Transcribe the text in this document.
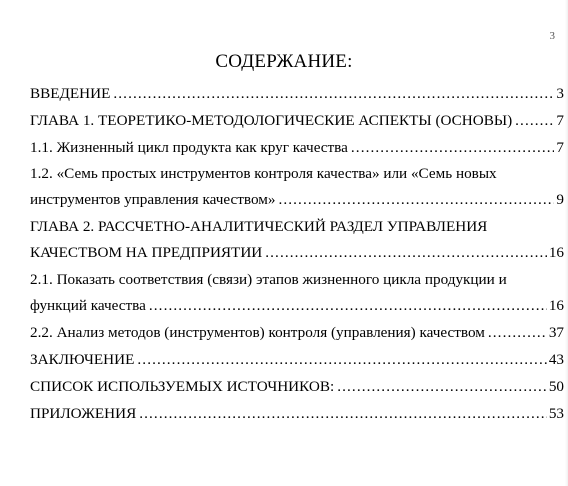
3
СОДЕРЖАНИЕ:
ВВЕДЕНИЕ .....	3
ГЛАВА 1. ТЕОРЕТИКО-МЕТОДОЛОГИЧЕСКИЕ АСПЕКТЫ (ОСНОВЫ) .....	7
1.1. Жизненный цикл продукта как круг качества .....	7
1.2. «Семь простых инструментов контроля качества» или «Семь новых
инструментов управления качеством» .....	9
ГЛАВА 2. РАССЧЕТНО-АНАЛИТИЧЕСКИЙ РАЗДЕЛ УПРАВЛЕНИЯ
КАЧЕСТВОМ НА ПРЕДПРИЯТИИ .....	16
2.1. Показать соответствия (связи) этапов жизненного цикла продукции и
функций качества .....	16
2.2. Анализ методов (инструментов) контроля (управления) качеством .....	37
ЗАКЛЮЧЕНИЕ .....	43
СПИСОК ИСПОЛЬЗУЕМЫХ ИСТОЧНИКОВ: .....	50
ПРИЛОЖЕНИЯ .....	53
